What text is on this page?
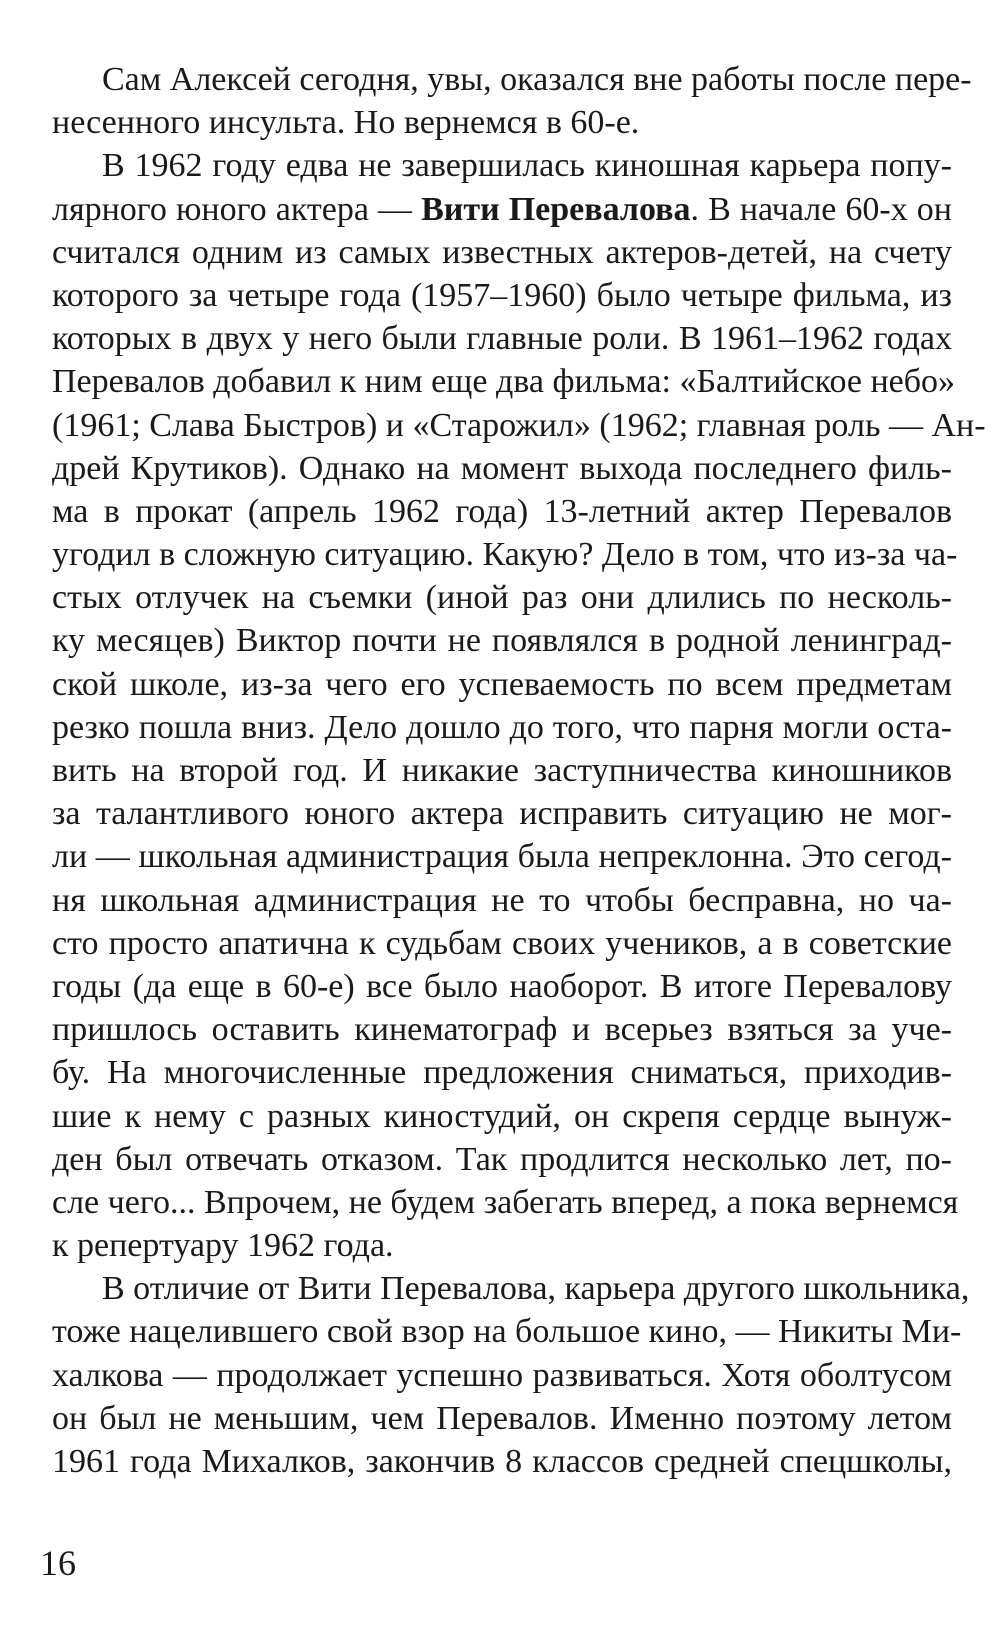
Сам Алексей сегодня, увы, оказался вне работы после пере-
несенного инсульта. Но вернемся в 60-е.
В 1962 году едва не завершилась киношная карьера попу-
лярного юного актера — Вити Перевалова. В начале 60-х он
считался одним из самых известных актеров-детей, на счету
которого за четыре года (1957–1960) было четыре фильма, из
которых в двух у него были главные роли. В 1961–1962 годах
Перевалов добавил к ним еще два фильма: «Балтийское небо»
(1961; Слава Быстров) и «Старожил» (1962; главная роль — Ан-
дрей Крутиков). Однако на момент выхода последнего филь-
ма в прокат (апрель 1962 года) 13-летний актер Перевалов
угодил в сложную ситуацию. Какую? Дело в том, что из-за ча-
стых отлучек на съемки (иной раз они длились по несколь-
ку месяцев) Виктор почти не появлялся в родной ленинград-
ской школе, из-за чего его успеваемость по всем предметам
резко пошла вниз. Дело дошло до того, что парня могли оста-
вить на второй год. И никакие заступничества киношников
за талантливого юного актера исправить ситуацию не мог-
ли — школьная администрация была непреклонна. Это сегод-
ня школьная администрация не то чтобы бесправна, но ча-
сто просто апатична к судьбам своих учеников, а в советские
годы (да еще в 60-е) все было наоборот. В итоге Перевалову
пришлось оставить кинематограф и всерьез взяться за уче-
бу. На многочисленные предложения сниматься, приходив-
шие к нему с разных киностудий, он скрепя сердце вынуж-
ден был отвечать отказом. Так продлится несколько лет, по-
сле чего... Впрочем, не будем забегать вперед, а пока вернемся
к репертуару 1962 года.
В отличие от Вити Перевалова, карьера другого школьника,
тоже нацелившего свой взор на большое кино, — Никиты Ми-
халкова — продолжает успешно развиваться. Хотя оболтусом
он был не меньшим, чем Перевалов. Именно поэтому летом
1961 года Михалков, закончив 8 классов средней спецшколы,
16
